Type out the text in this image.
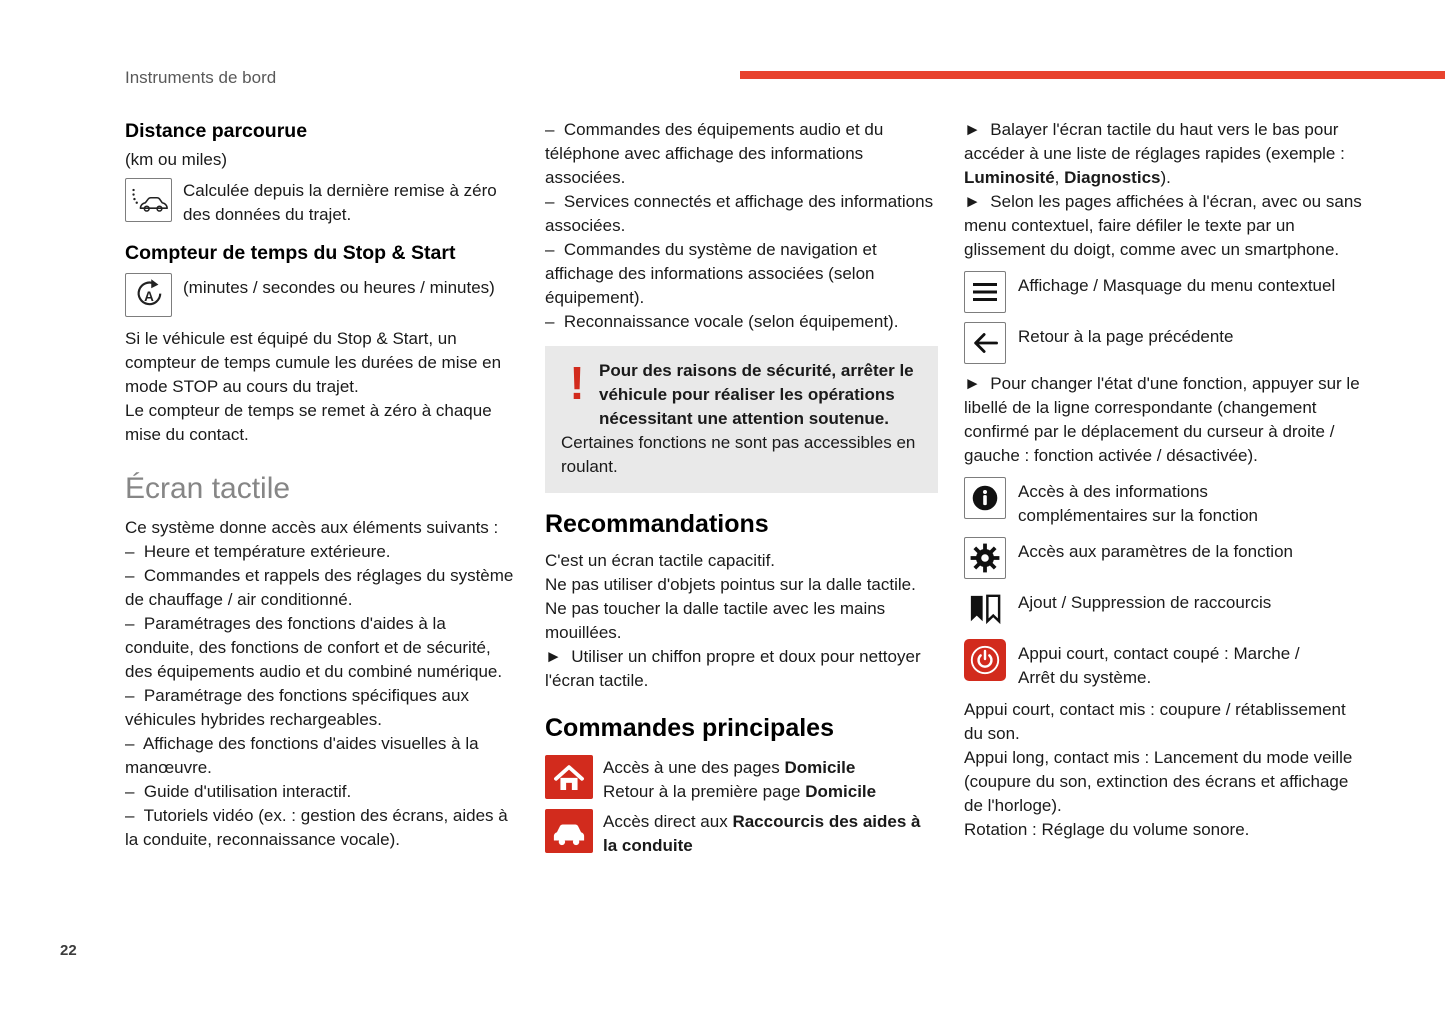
Instruments de bord
22
Distance parcourue

(km ou miles)

Calculée depuis la dernière remise à zéro des données du trajet.

Compteur de temps du Stop & Start
A (minutes / secondes ou heures / minutes)

Si le véhicule est équipé du Stop & Start, un compteur de temps cumule les durées de mise en mode STOP au cours du trajet.

Le compteur de temps se remet à zéro à chaque mise du contact.

Écran tactile

Ce système donne accès aux éléments suivants :

–  Heure et température extérieure.

–  Commandes et rappels des réglages du système de chauffage / air conditionné.

–  Paramétrages des fonctions d'aides à la conduite, des fonctions de confort et de sécurité, des équipements audio et du combiné numérique.

–  Paramétrage des fonctions spécifiques aux véhicules hybrides rechargeables.

–  Affichage des fonctions d'aides visuelles à la manœuvre.

–  Guide d'utilisation interactif.

–  Tutoriels vidéo (ex. : gestion des écrans, aides à la conduite, reconnaissance vocale).

–  Commandes des équipements audio et du téléphone avec affichage des informations associées.

–  Services connectés et affichage des informations associées.

–  Commandes du système de navigation et affichage des informations associées (selon équipement).

–  Reconnaissance vocale (selon équipement).

! Pour des raisons de sécurité, arrêter le véhicule pour réaliser les opérations nécessitant une attention soutenue.

Certaines fonctions ne sont pas accessibles en roulant.

Recommandations

C'est un écran tactile capacitif.

Ne pas utiliser d'objets pointus sur la dalle tactile.

Ne pas toucher la dalle tactile avec les mains mouillées.

►  Utiliser un chiffon propre et doux pour nettoyer l'écran tactile.

Commandes principales

Accès à une des pages Domicile

Retour à la première page Domicile

Accès direct aux Raccourcis des aides à la conduite

►  Balayer l'écran tactile du haut vers le bas pour accéder à une liste de réglages rapides (exemple : Luminosité, Diagnostics).

►  Selon les pages affichées à l'écran, avec ou sans menu contextuel, faire défiler le texte par un glissement du doigt, comme avec un smartphone.

Affichage / Masquage du menu contextuel

Retour à la page précédente

►  Pour changer l'état d'une fonction, appuyer sur le libellé de la ligne correspondante (changement confirmé par le déplacement du curseur à droite / gauche : fonction activée / désactivée).

Accès à des informations complémentaires sur la fonction

Accès aux paramètres de la fonction

Ajout / Suppression de raccourcis

Appui court, contact coupé : Marche / Arrêt du système.

Appui court, contact mis : coupure / rétablissement du son.

Appui long, contact mis : Lancement du mode veille (coupure du son, extinction des écrans et affichage de l'horloge).

Rotation : Réglage du volume sonore.
